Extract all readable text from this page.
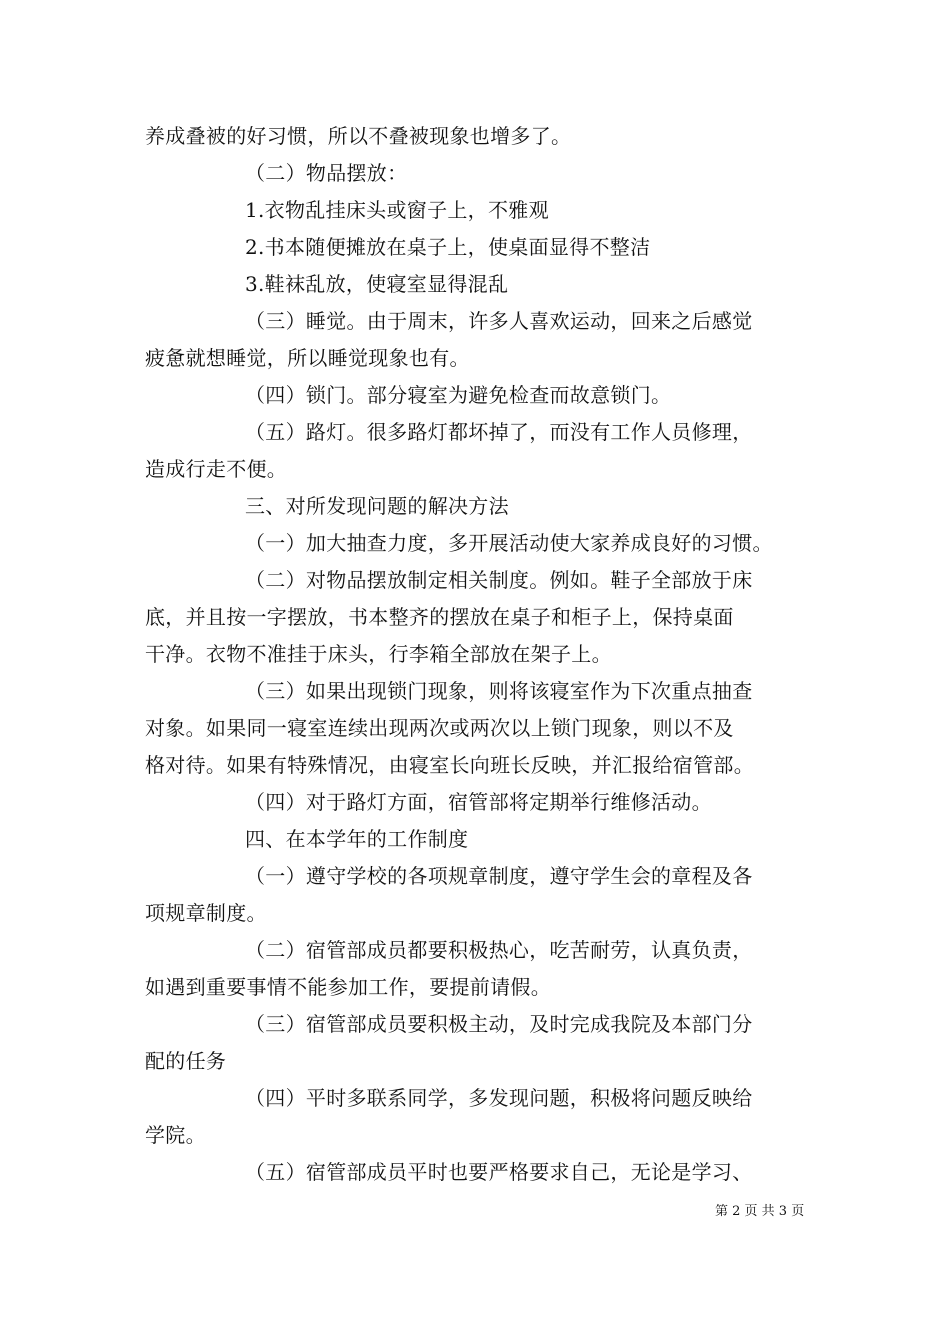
养成叠被的好习惯，所以不叠被现象也增多了。
（二）物品摆放：
1.衣物乱挂床头或窗子上，不雅观
2.书本随便摊放在桌子上，使桌面显得不整洁
3.鞋袜乱放，使寝室显得混乱
（三）睡觉。由于周末，许多人喜欢运动，回来之后感觉
疲惫就想睡觉，所以睡觉现象也有。
（四）锁门。部分寝室为避免检查而故意锁门。
（五）路灯。很多路灯都坏掉了，而没有工作人员修理，
造成行走不便。
三、对所发现问题的解决方法
（一）加大抽查力度，多开展活动使大家养成良好的习惯。
（二）对物品摆放制定相关制度。例如。鞋子全部放于床
底，并且按一字摆放，书本整齐的摆放在桌子和柜子上，保持桌面
干净。衣物不准挂于床头，行李箱全部放在架子上。
（三）如果出现锁门现象，则将该寝室作为下次重点抽查
对象。如果同一寝室连续出现两次或两次以上锁门现象，则以不及
格对待。如果有特殊情况，由寝室长向班长反映，并汇报给宿管部。
（四）对于路灯方面，宿管部将定期举行维修活动。
四、在本学年的工作制度
（一）遵守学校的各项规章制度，遵守学生会的章程及各
项规章制度。
（二）宿管部成员都要积极热心，吃苦耐劳，认真负责，
如遇到重要事情不能参加工作，要提前请假。
（三）宿管部成员要积极主动，及时完成我院及本部门分
配的任务
（四）平时多联系同学，多发现问题，积极将问题反映给
学院。
（五）宿管部成员平时也要严格要求自己，无论是学习、
第 2 页 共 3 页
